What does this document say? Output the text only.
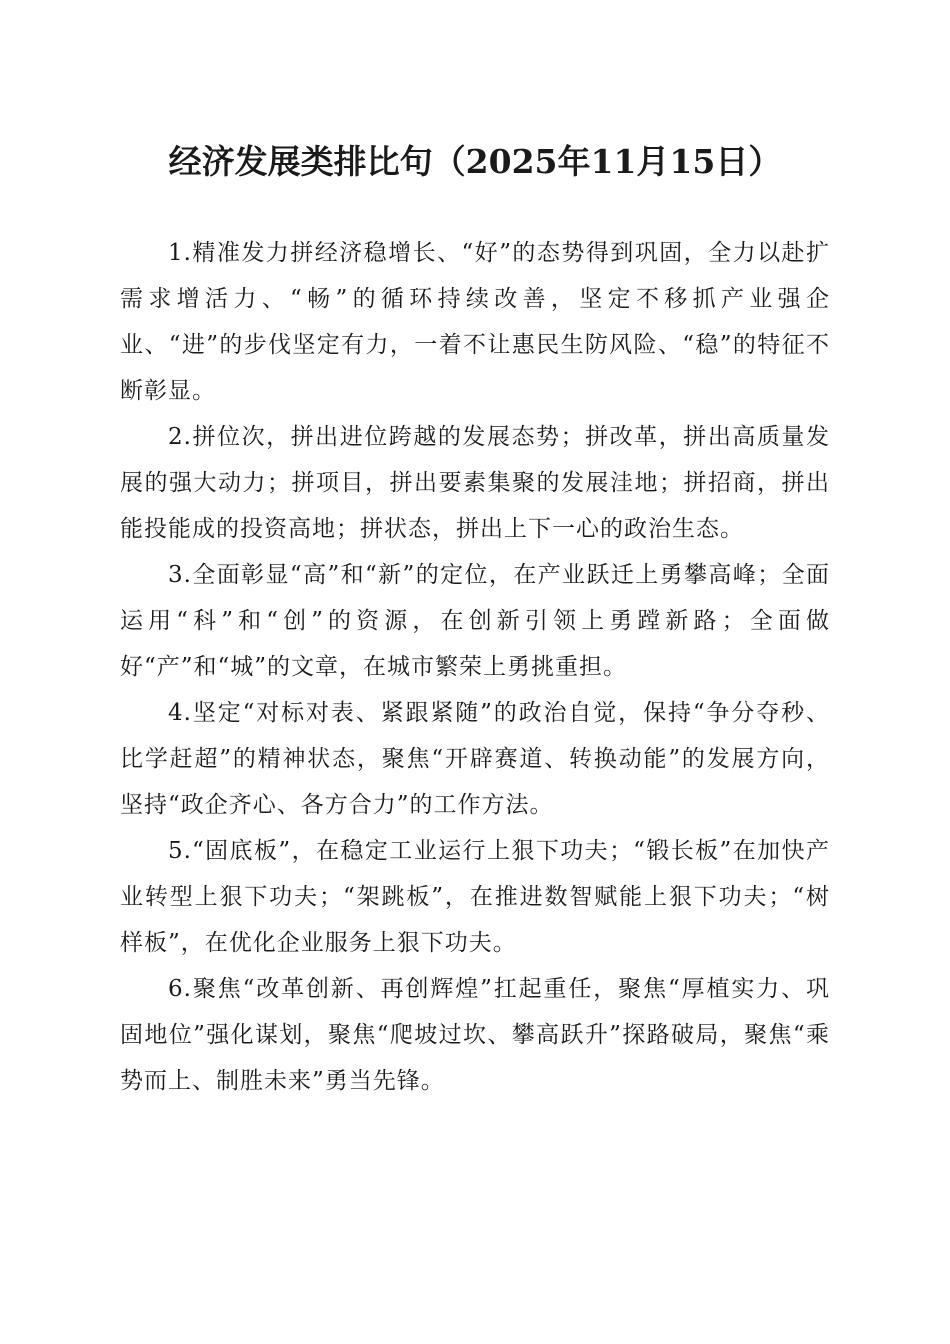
经济发展类排比句（2025年11月15日）

1.精准发力拼经济稳增长、“好”的态势得到巩固，全力以赴扩需求增活力、“畅”的循环持续改善，坚定不移抓产业强企业、“进”的步伐坚定有力，一着不让惠民生防风险、“稳”的特征不断彰显。

2.拼位次，拼出进位跨越的发展态势；拼改革，拼出高质量发展的强大动力；拼项目，拼出要素集聚的发展洼地；拼招商，拼出能投能成的投资高地；拼状态，拼出上下一心的政治生态。

3.全面彰显“高”和“新”的定位，在产业跃迁上勇攀高峰；全面运用“科”和“创”的资源，在创新引领上勇蹚新路；全面做好“产”和“城”的文章，在城市繁荣上勇挑重担。

4.坚定“对标对表、紧跟紧随”的政治自觉，保持“争分夺秒、比学赶超”的精神状态，聚焦“开辟赛道、转换动能”的发展方向，坚持“政企齐心、各方合力”的工作方法。

5.“固底板”，在稳定工业运行上狠下功夫；“锻长板”在加快产业转型上狠下功夫；“架跳板”，在推进数智赋能上狠下功夫；“树样板”，在优化企业服务上狠下功夫。

6.聚焦“改革创新、再创辉煌”扛起重任，聚焦“厚植实力、巩固地位”强化谋划，聚焦“爬坡过坎、攀高跃升”探路破局，聚焦“乘势而上、制胜未来”勇当先锋。
